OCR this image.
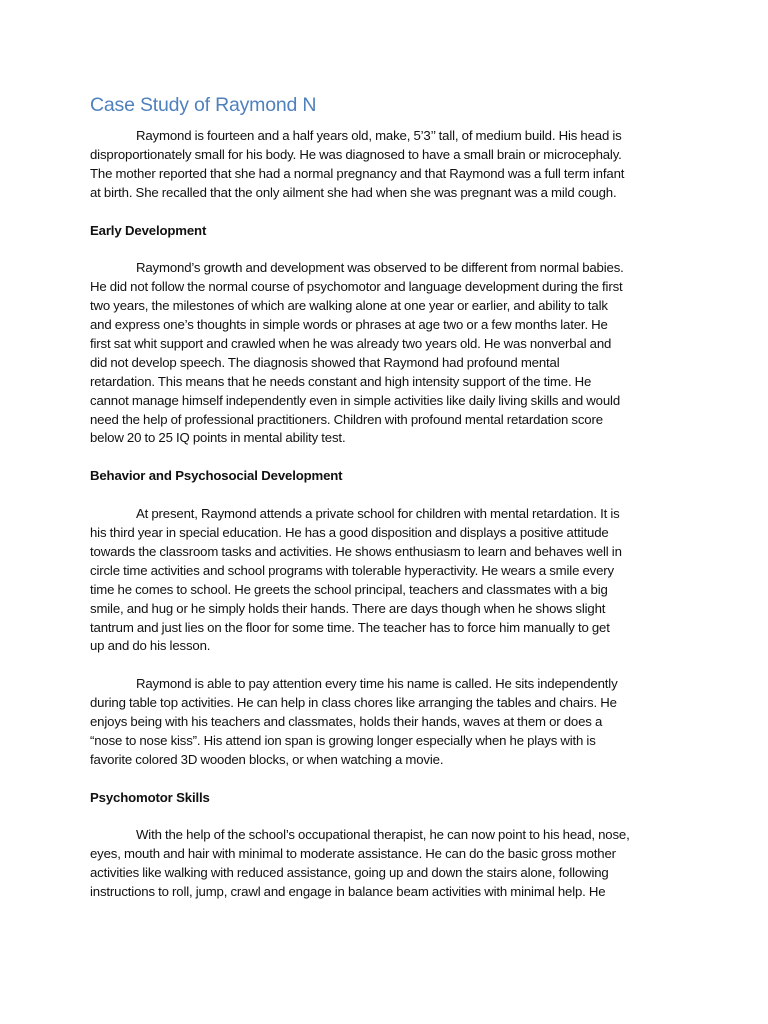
Case Study of Raymond N

Raymond is fourteen and a half years old, make, 5’3’’ tall, of medium build. His head is
disproportionately small for his body. He was diagnosed to have a small brain or microcephaly.
The mother reported that she had a normal pregnancy and that Raymond was a full term infant
at birth. She recalled that the only ailment she had when she was pregnant was a mild cough.

Early Development

Raymond’s growth and development was observed to be different from normal babies.
He did not follow the normal course of psychomotor and language development during the first
two years, the milestones of which are walking alone at one year or earlier, and ability to talk
and express one’s thoughts in simple words or phrases at age two or a few months later. He
first sat whit support and crawled when he was already two years old. He was nonverbal and
did not develop speech. The diagnosis showed that Raymond had profound mental
retardation. This means that he needs constant and high intensity support of the time. He
cannot manage himself independently even in simple activities like daily living skills and would
need the help of professional practitioners. Children with profound mental retardation score
below 20 to 25 IQ points in mental ability test.

Behavior and Psychosocial Development

At present, Raymond attends a private school for children with mental retardation. It is
his third year in special education. He has a good disposition and displays a positive attitude
towards the classroom tasks and activities. He shows enthusiasm to learn and behaves well in
circle time activities and school programs with tolerable hyperactivity. He wears a smile every
time he comes to school. He greets the school principal, teachers and classmates with a big
smile, and hug or he simply holds their hands. There are days though when he shows slight
tantrum and just lies on the floor for some time. The teacher has to force him manually to get
up and do his lesson.

Raymond is able to pay attention every time his name is called. He sits independently
during table top activities. He can help in class chores like arranging the tables and chairs. He
enjoys being with his teachers and classmates, holds their hands, waves at them or does a
“nose to nose kiss”. His attend ion span is growing longer especially when he plays with is
favorite colored 3D wooden blocks, or when watching a movie.

Psychomotor Skills

With the help of the school’s occupational therapist, he can now point to his head, nose,
eyes, mouth and hair with minimal to moderate assistance. He can do the basic gross mother
activities like walking with reduced assistance, going up and down the stairs alone, following
instructions to roll, jump, crawl and engage in balance beam activities with minimal help. He
